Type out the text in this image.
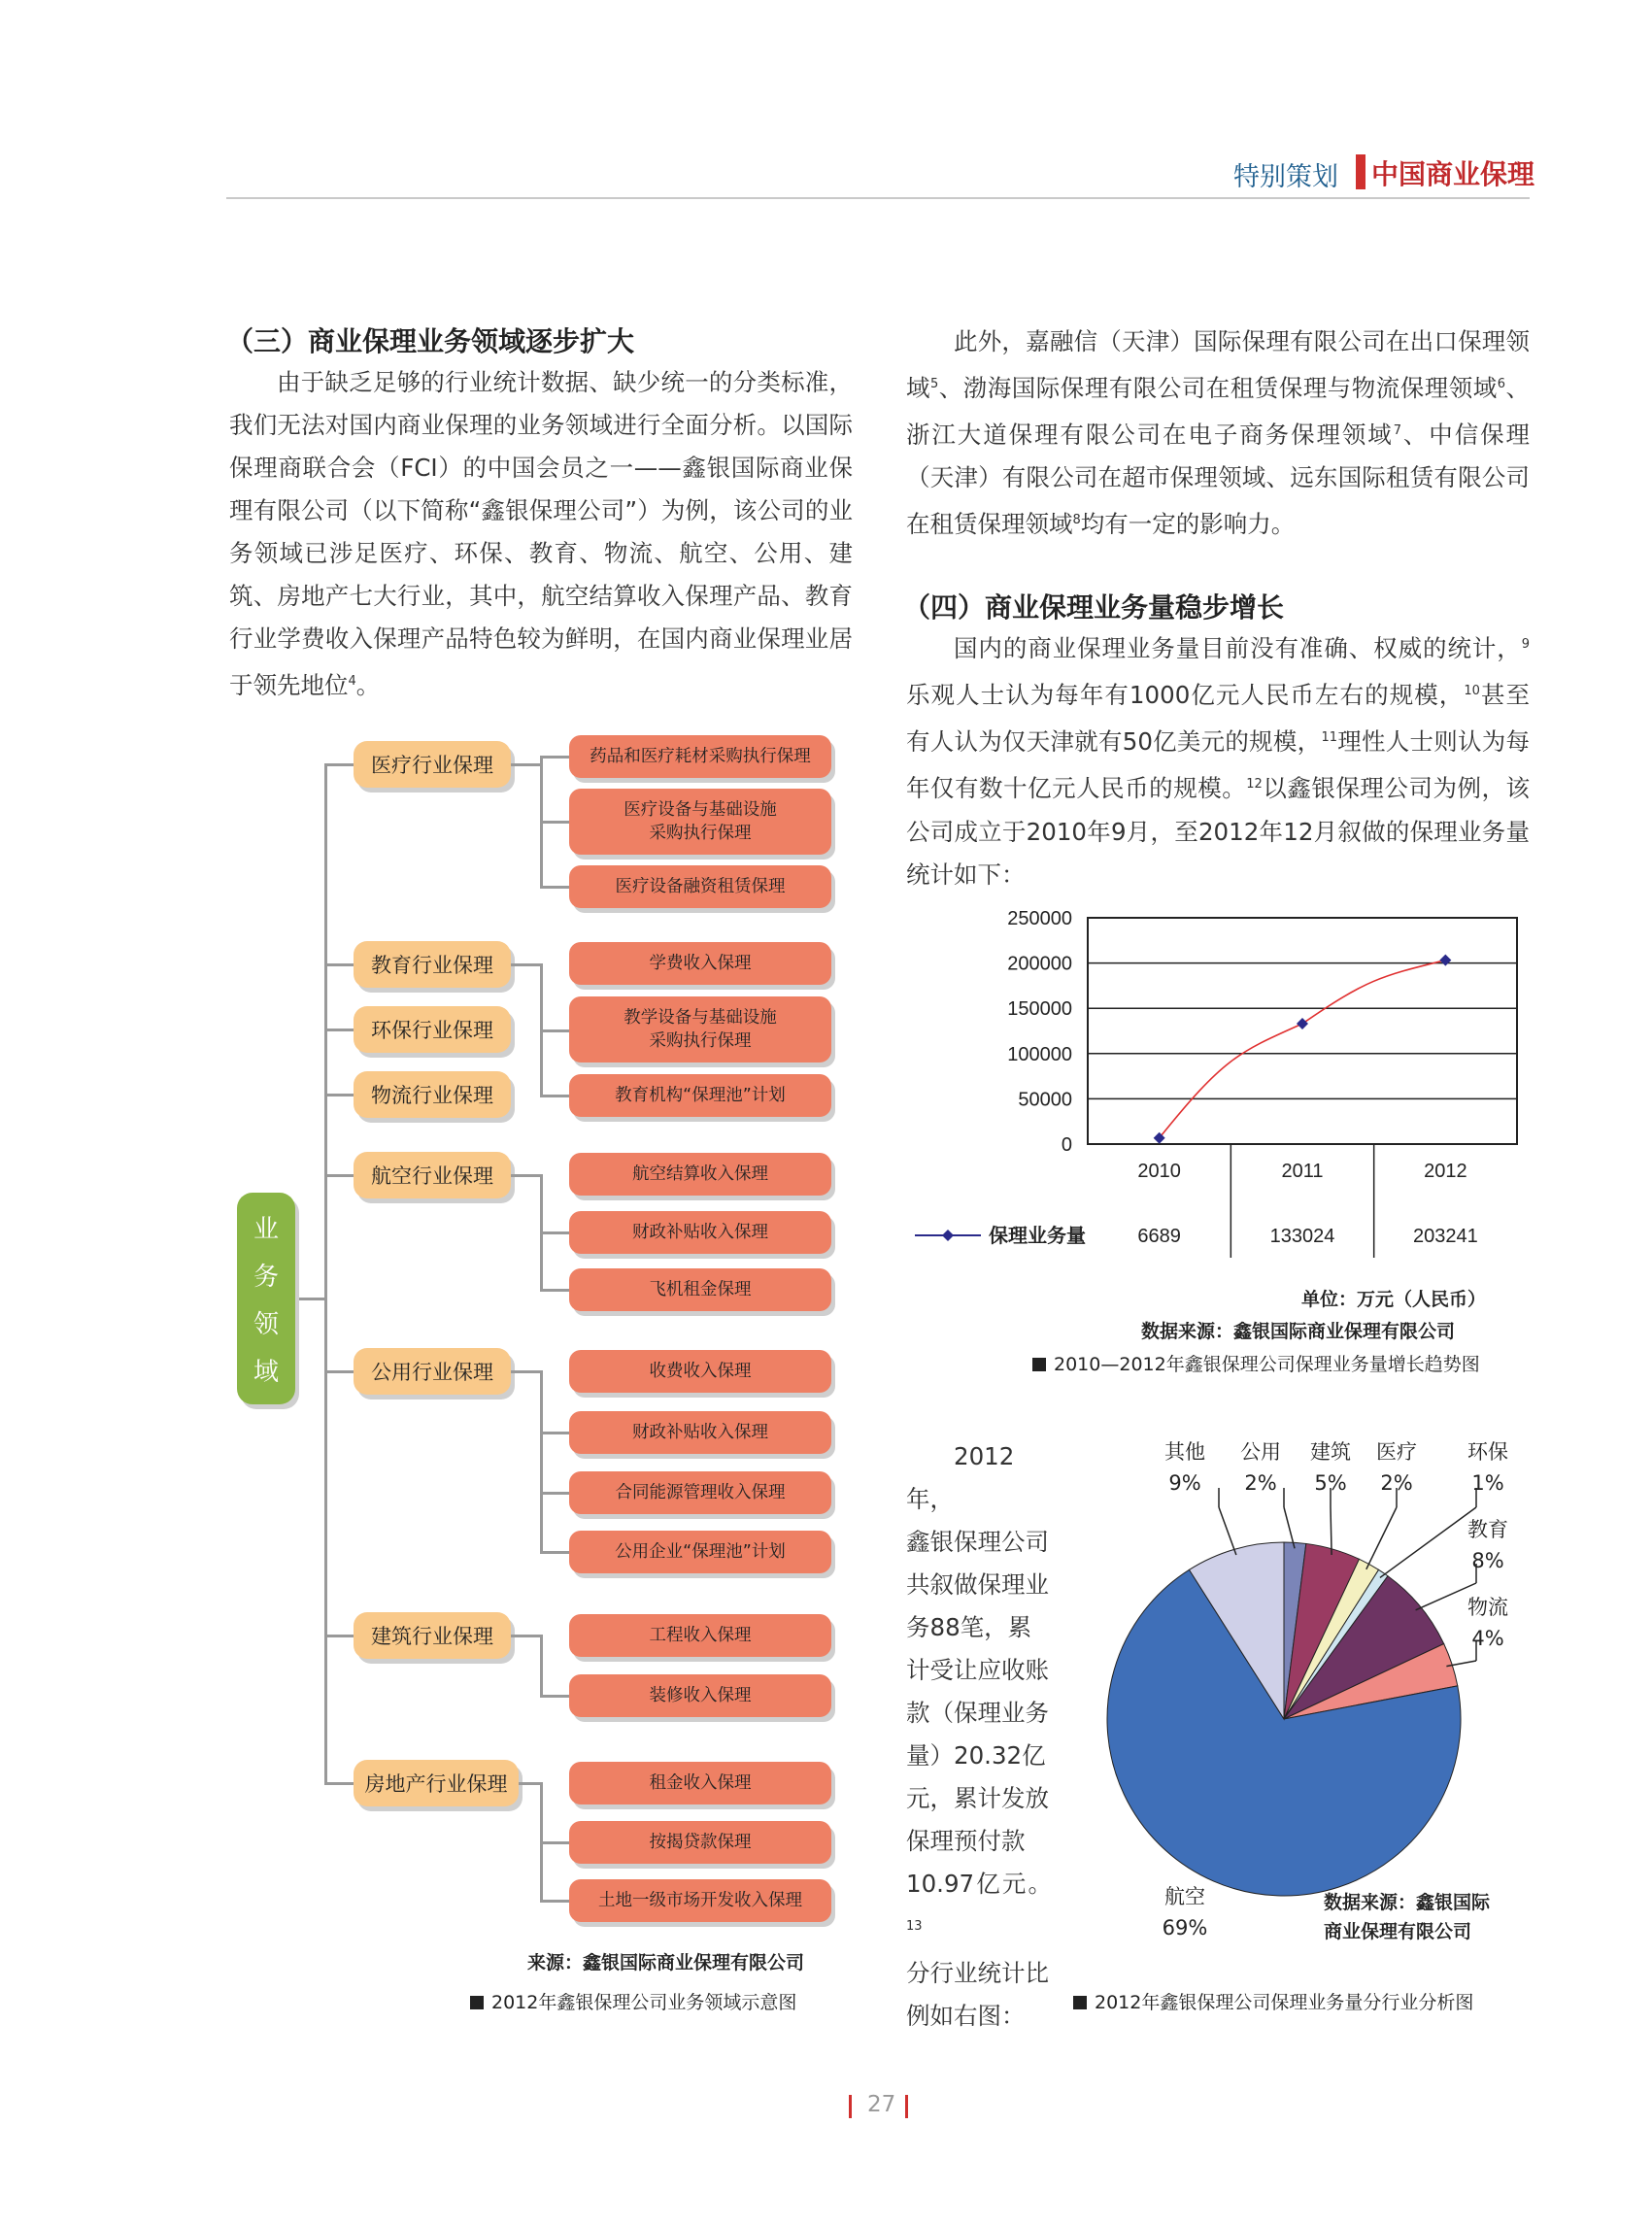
特别策划 中国商业保理
（三）商业保理业务领域逐步扩大

由于缺乏足够的行业统计数据、缺少统一的分类标准，我们无法对国内商业保理的业务领域进行全面分析。以国际保理商联合会（FCI）的中国会员之一——鑫银国际商业保理有限公司（以下简称“鑫银保理公司”）为例，该公司的业务领域已涉足医疗、环保、教育、物流、航空、公用、建筑、房地产七大行业，其中，航空结算收入保理产品、教育行业学费收入保理产品特色较为鲜明，在国内商业保理业居于领先地位$^4$。

此外，嘉融信（天津）国际保理有限公司在出口保理领域$^5$、渤海国际保理有限公司在租赁保理与物流保理领域$^6$、浙江大道保理有限公司在电子商务保理领域$^7$、中信保理（天津）有限公司在超市保理领域、远东国际租赁有限公司在租赁保理领域$^8$均有一定的影响力。

（四）商业保理业务量稳步增长

国内的商业保理业务量目前没有准确、权威的统计，$^9$乐观人士认为每年有1000亿元人民币左右的规模，$^{10}$甚至有人认为仅天津就有50亿美元的规模，$^{11}$理性人士则认为每年仅有数十亿元人民币的规模。$^{12}$以鑫银保理公司为例，该公司成立于2010年9月，至2012年12月叙做的保理业务量统计如下：

业
务
领
域
医疗行业保理
教育行业保理
环保行业保理
物流行业保理
航空行业保理
公用行业保理
建筑行业保理
房地产行业保理
药品和医疗耗材采购执行保理
医疗设备与基础设施采购执行保理
医疗设备融资租赁保理
学费收入保理
教学设备与基础设施采购执行保理
教育机构“保理池”计划
航空结算收入保理
财政补贴收入保理
飞机租金保理
收费收入保理
财政补贴收入保理
合同能源管理收入保理
公用企业“保理池”计划
工程收入保理
装修收入保理
租金收入保理
按揭贷款保理
土地一级市场开发收入保理
来源：鑫银国际商业保理有限公司
2012年鑫银保理公司业务领域示意图
250000
200000
150000
100000
50000
0
2010	2011	2012
保理业务量	6689	133024	203241
单位：万元（人民币）
数据来源：鑫银国际商业保理有限公司
2010—2012年鑫银保理公司保理业务量增长趋势图
2012年，
鑫银保理公司
共叙做保理业
务88笔，累
计受让应收账
款（保理业务
量）20.32亿
元，累计发放
保理预付款
10.97亿元。$^{13}$
分行业统计比
例如右图：
公用
2%
建筑
5%
医疗
2%
环保
1%
教育
8%
物流
4%
航空
69%
其他
9%
数据来源：鑫银国际
商业保理有限公司
2012年鑫银保理公司保理业务量分行业分析图
27
